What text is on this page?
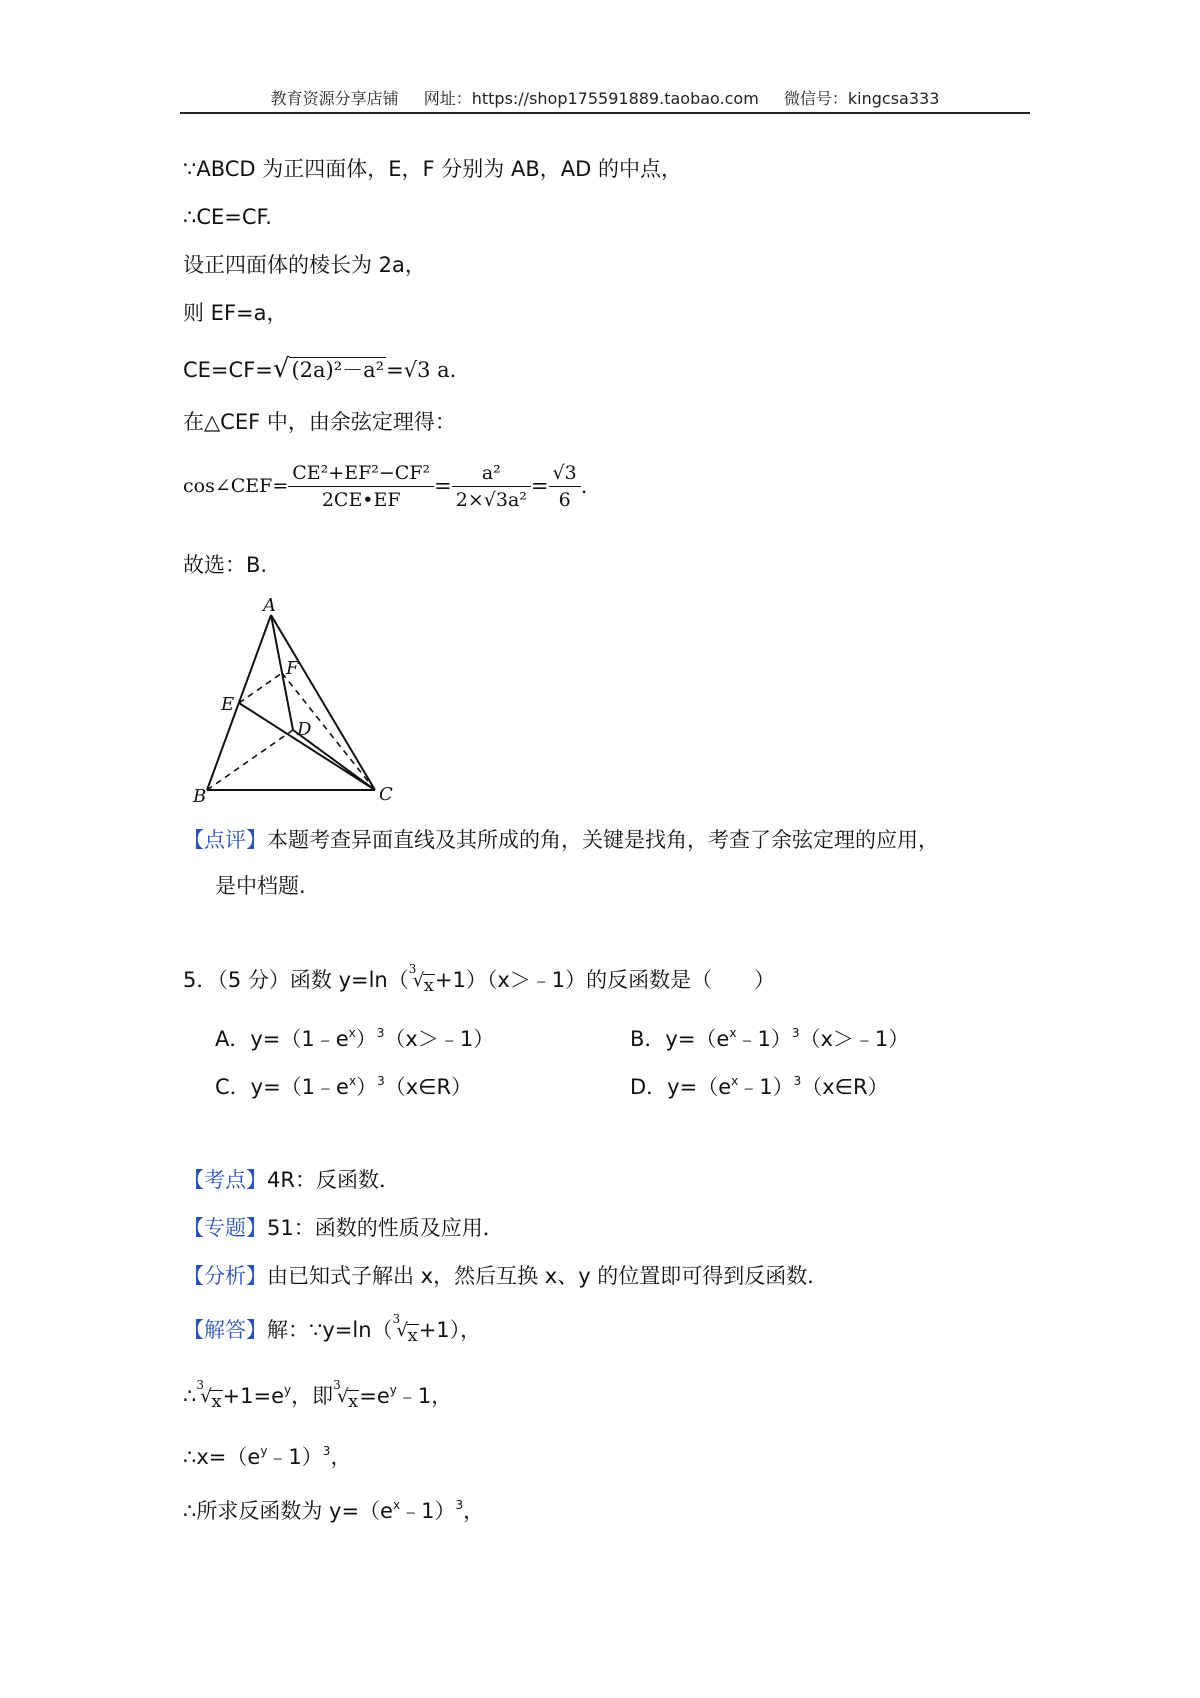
教育资源分享店铺 网址：https://shop175591889.taobao.com 微信号：kingcsa333
∵ABCD 为正四面体，E，F 分别为 AB，AD 的中点，
∴CE=CF.
设正四面体的棱长为 2a，
则 EF=a，
CE=CF=√(2a)²－a²=√3 a.
在△CEF 中，由余弦定理得：
cos∠CEF= $\frac{\text{CE²+EF²−CF²}}{2CE•EF} = \frac{\text{a²}}{\text{2×√3a²}} = \frac{√3}{6}$ .
故选：B.
A
B	C
D
E
F
【点评】本题考查异面直线及其所成的角，关键是找角，考查了余弦定理的应用，
是中档题.
5．（5 分）函数 y=ln（ 3
√ x+1）（x＞﹣1）的反函数是（　　）
A．$y=(1﹣e^x)^3(x>﹣1)$	B．$y=(e^x﹣1)^3(x>﹣1)$
C．$y=(1﹣e^x)^3(x\in R)$	D．$y=(e^x﹣1)^3(x\in R)$
【考点】4R：反函数．
【专题】51：函数的性质及应用．
【分析】由已知式子解出 x，然后互换 x、y 的位置即可得到反函数．
【解答】解：∵y=ln（ 3
√ x+1），
∴ 3
√ $x+1=e^y$，即 3
√ $x=e^y﹣1$，
$\therefore x=(e^y﹣1)^3$，
∴所求反函数为 $y=(e^x﹣1)^3$，
